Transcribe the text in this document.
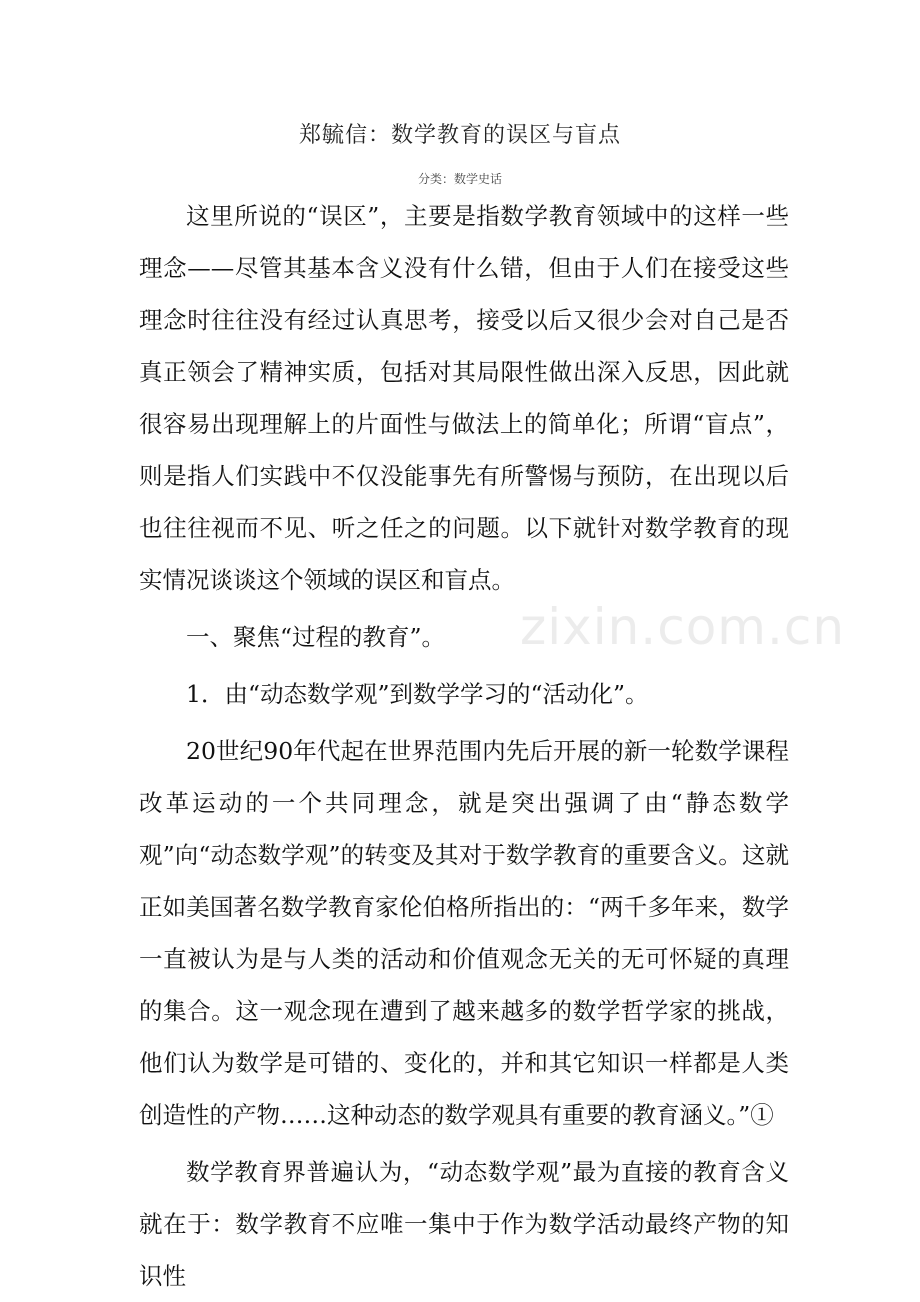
zixin.com.cn
郑毓信：数学教育的误区与盲点
分类：数学史话

这里所说的“误区”，主要是指数学教育领域中的这样一些理念——尽管其基本含义没有什么错，但由于人们在接受这些理念时往往没有经过认真思考，接受以后又很少会对自己是否真正领会了精神实质，包括对其局限性做出深入反思，因此就很容易出现理解上的片面性与做法上的简单化；所谓“盲点”，则是指人们实践中不仅没能事先有所警惕与预防，在出现以后也往往视而不见、听之任之的问题。以下就针对数学教育的现实情况谈谈这个领域的误区和盲点。

一、聚焦“过程的教育”。

1．由“动态数学观”到数学学习的“活动化”。

20世纪90年代起在世界范围内先后开展的新一轮数学课程改革运动的一个共同理念，就是突出强调了由“静态数学观”向“动态数学观”的转变及其对于数学教育的重要含义。这就正如美国著名数学教育家伦伯格所指出的：“两千多年来，数学一直被认为是与人类的活动和价值观念无关的无可怀疑的真理的集合。这一观念现在遭到了越来越多的数学哲学家的挑战，他们认为数学是可错的、变化的，并和其它知识一样都是人类创造性的产物……这种动态的数学观具有重要的教育涵义。”①

数学教育界普遍认为，“动态数学观”最为直接的教育含义就在于：数学教育不应唯一集中于作为数学活动最终产物的知识性
